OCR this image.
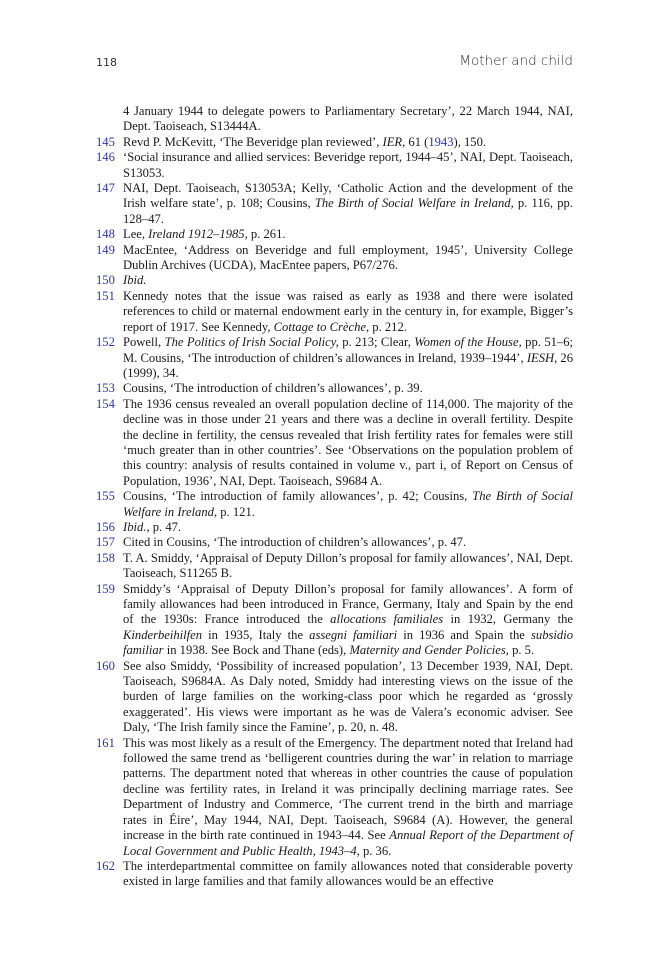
118	Mother and child
4 January 1944 to delegate powers to Parliamentary Secretary’, 22 March 1944, NAI, Dept. Taoiseach, S13444A.
145 Revd P. McKevitt, ‘The Beveridge plan reviewed’, IER, 61 (1943), 150.
146 ‘Social insurance and allied services: Beveridge report, 1944–45’, NAI, Dept. Taoiseach, S13053.
147 NAI, Dept. Taoiseach, S13053A; Kelly, ‘Catholic Action and the development of the Irish welfare state’, p. 108; Cousins, The Birth of Social Welfare in Ireland, p. 116, pp. 128–47.
148 Lee, Ireland 1912–1985, p. 261.
149 MacEntee, ‘Address on Beveridge and full employment, 1945’, University College Dublin Archives (UCDA), MacEntee papers, P67/276.
150 Ibid.
151 Kennedy notes that the issue was raised as early as 1938 and there were isolated references to child or maternal endowment early in the century in, for example, Bigger’s report of 1917. See Kennedy, Cottage to Crèche, p. 212.
152 Powell, The Politics of Irish Social Policy, p. 213; Clear, Women of the House, pp. 51–6; M. Cousins, ‘The introduction of children’s allowances in Ireland, 1939–1944’, IESH, 26 (1999), 34.
153 Cousins, ‘The introduction of children’s allowances’, p. 39.
154 The 1936 census revealed an overall population decline of 114,000. The majority of the decline was in those under 21 years and there was a decline in overall fertility. Despite the decline in fertility, the census revealed that Irish fertility rates for females were still ‘much greater than in other countries’. See ‘Observations on the population problem of this country: analysis of results contained in volume v., part i, of Report on Census of Population, 1936’, NAI, Dept. Taoiseach, S9684 A.
155 Cousins, ‘The introduction of family allowances’, p. 42; Cousins, The Birth of Social Welfare in Ireland, p. 121.
156 Ibid., p. 47.
157 Cited in Cousins, ‘The introduction of children’s allowances’, p. 47.
158 T. A. Smiddy, ‘Appraisal of Deputy Dillon’s proposal for family allowances’, NAI, Dept. Taoiseach, S11265 B.
159 Smiddy’s ‘Appraisal of Deputy Dillon’s proposal for family allowances’. A form of family allowances had been introduced in France, Germany, Italy and Spain by the end of the 1930s: France introduced the allocations familiales in 1932, Germany the Kinderbeihilfen in 1935, Italy the assegni familiari in 1936 and Spain the subsidio familiar in 1938. See Bock and Thane (eds), Maternity and Gender Policies, p. 5.
160 See also Smiddy, ‘Possibility of increased population’, 13 December 1939, NAI, Dept. Taoiseach, S9684A. As Daly noted, Smiddy had interesting views on the issue of the burden of large families on the working-class poor which he regarded as ‘grossly exaggerated’. His views were important as he was de Valera’s economic adviser. See Daly, ‘The Irish family since the Famine’, p. 20, n. 48.
161 This was most likely as a result of the Emergency. The department noted that Ireland had followed the same trend as ‘belligerent countries during the war’ in relation to marriage patterns. The department noted that whereas in other countries the cause of population decline was fertility rates, in Ireland it was principally declining marriage rates. See Department of Industry and Commerce, ‘The current trend in the birth and marriage rates in Éire’, May 1944, NAI, Dept. Taoiseach, S9684 (A). However, the general increase in the birth rate continued in 1943–44. See Annual Report of the Department of Local Government and Public Health, 1943–4, p. 36.
162 The interdepartmental committee on family allowances noted that considerable poverty existed in large families and that family allowances would be an effective
